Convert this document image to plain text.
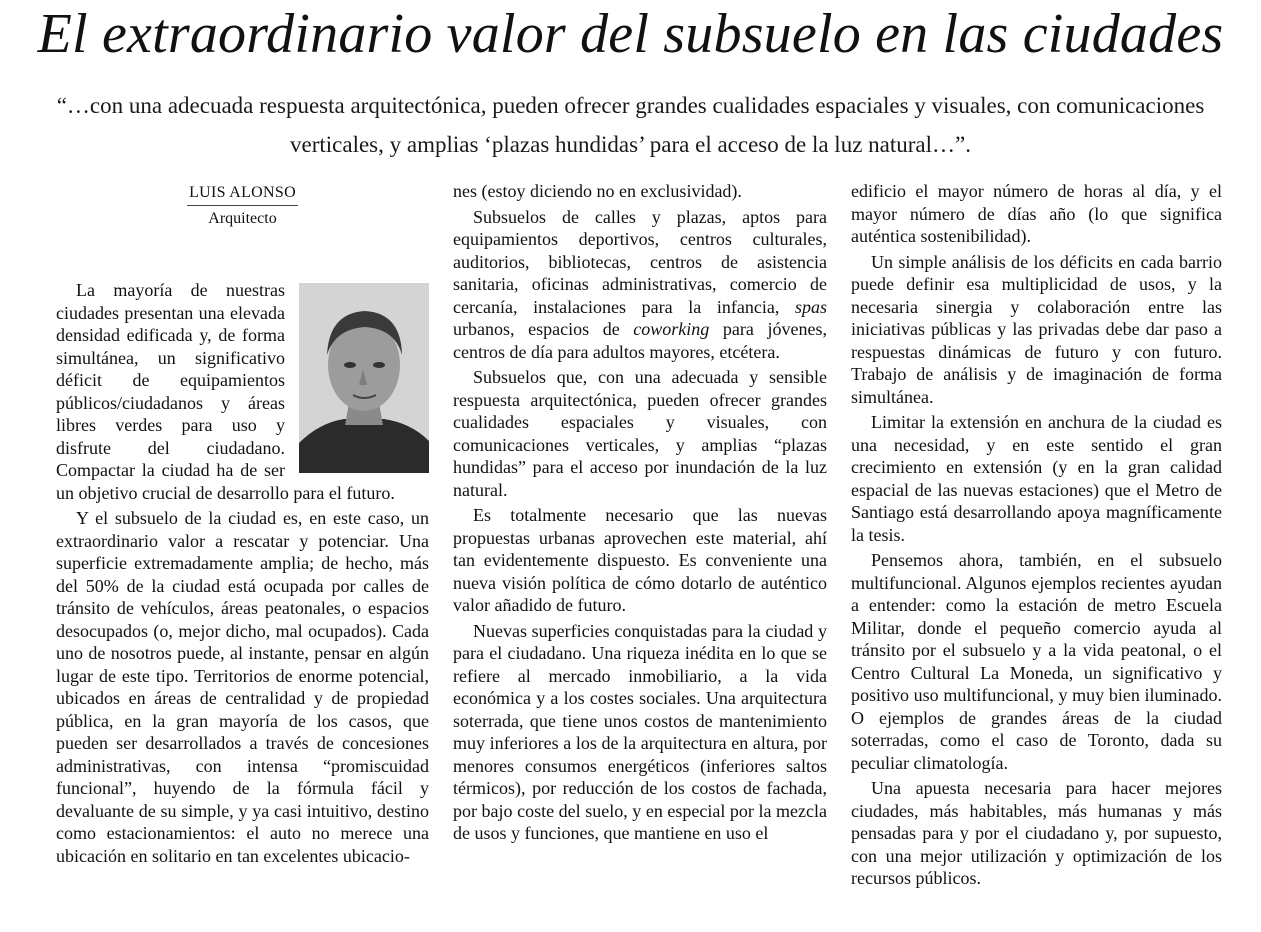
El extraordinario valor del subsuelo en las ciudades

“…con una adecuada respuesta arquitectónica, pueden ofrecer grandes cualidades espaciales y visuales, con comunicaciones verticales, y amplias ‘plazas hundidas’ para el acceso de la luz natural…”.

LUIS ALONSO
Arquitecto

La mayoría de nuestras ciudades presentan una elevada densidad edificada y, de forma simultánea, un significativo déficit de equipamientos públicos/ciudadanos y áreas libres verdes para uso y disfrute del ciudadano. Compactar la ciudad ha de ser un objetivo crucial de desarrollo para el futuro.

Y el subsuelo de la ciudad es, en este caso, un extraordinario valor a rescatar y potenciar. Una superficie extremadamente amplia; de hecho, más del 50% de la ciudad está ocupada por calles de tránsito de vehículos, áreas peatonales, o espacios desocupados (o, mejor dicho, mal ocupados). Cada uno de nosotros puede, al instante, pensar en algún lugar de este tipo. Territorios de enorme potencial, ubicados en áreas de centralidad y de propiedad pública, en la gran mayoría de los casos, que pueden ser desarrollados a través de concesiones administrativas, con intensa “promiscuidad funcional”, huyendo de la fórmula fácil y devaluante de su simple, y ya casi intuitivo, destino como estacionamientos: el auto no merece una ubicación en solitario en tan excelentes ubicacio-

nes (estoy diciendo no en exclusividad).

Subsuelos de calles y plazas, aptos para equipamientos deportivos, centros culturales, auditorios, bibliotecas, centros de asistencia sanitaria, oficinas administrativas, comercio de cercanía, instalaciones para la infancia, spas urbanos, espacios de coworking para jóvenes, centros de día para adultos mayores, etcétera.

Subsuelos que, con una adecuada y sensible respuesta arquitectónica, pueden ofrecer grandes cualidades espaciales y visuales, con comunicaciones verticales, y amplias “plazas hundidas” para el acceso por inundación de la luz natural.

Es totalmente necesario que las nuevas propuestas urbanas aprovechen este material, ahí tan evidentemente dispuesto. Es conveniente una nueva visión política de cómo dotarlo de auténtico valor añadido de futuro.

Nuevas superficies conquistadas para la ciudad y para el ciudadano. Una riqueza inédita en lo que se refiere al mercado inmobiliario, a la vida económica y a los costes sociales. Una arquitectura soterrada, que tiene unos costos de mantenimiento muy inferiores a los de la arquitectura en altura, por menores consumos energéticos (inferiores saltos térmicos), por reducción de los costos de fachada, por bajo coste del suelo, y en especial por la mezcla de usos y funciones, que mantiene en uso el

edificio el mayor número de horas al día, y el mayor número de días año (lo que significa auténtica sostenibilidad).

Un simple análisis de los déficits en cada barrio puede definir esa multiplicidad de usos, y la necesaria sinergia y colaboración entre las iniciativas públicas y las privadas debe dar paso a respuestas dinámicas de futuro y con futuro. Trabajo de análisis y de imaginación de forma simultánea.

Limitar la extensión en anchura de la ciudad es una necesidad, y en este sentido el gran crecimiento en extensión (y en la gran calidad espacial de las nuevas estaciones) que el Metro de Santiago está desarrollando apoya magníficamente la tesis.

Pensemos ahora, también, en el subsuelo multifuncional. Algunos ejemplos recientes ayudan a entender: como la estación de metro Escuela Militar, donde el pequeño comercio ayuda al tránsito por el subsuelo y a la vida peatonal, o el Centro Cultural La Moneda, un significativo y positivo uso multifuncional, y muy bien iluminado. O ejemplos de grandes áreas de la ciudad soterradas, como el caso de Toronto, dada su peculiar climatología.

Una apuesta necesaria para hacer mejores ciudades, más habitables, más humanas y más pensadas para y por el ciudadano y, por supuesto, con una mejor utilización y optimización de los recursos públicos.
